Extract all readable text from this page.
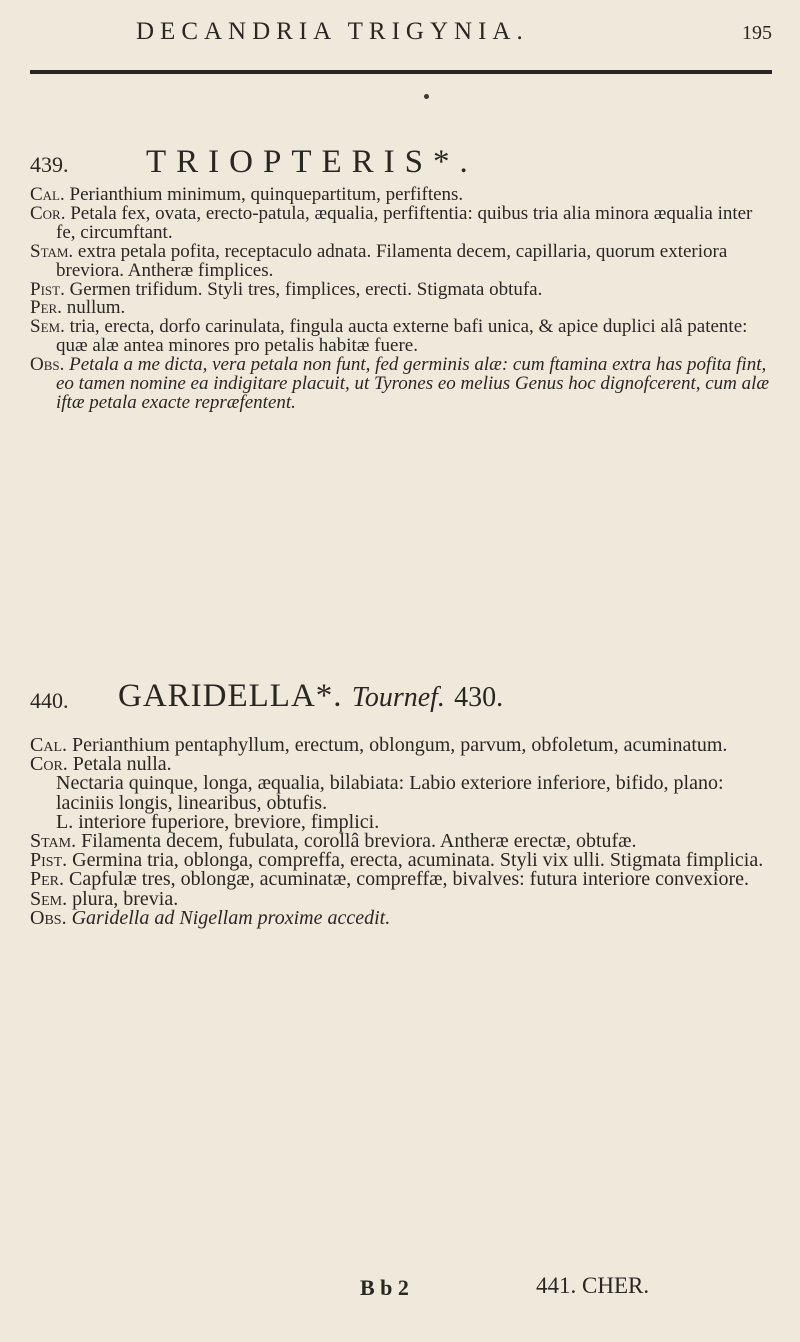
DECANDRIA TRIGYNIA.	195
439. TRIOPTERIS*.

Cal. Perianthium minimum, quinquepartitum, perfiftens.

Cor. Petala fex, ovata, erecto-patula, æqualia, perfiftentia: quibus tria alia minora æqualia inter fe, circumftant.

Stam. extra petala pofita, receptaculo adnata. Filamenta decem, capillaria, quorum exteriora breviora. Antheræ fimplices.

Pist. Germen trifidum. Styli tres, fimplices, erecti. Stigmata obtufa.

Per. nullum.

Sem. tria, erecta, dorfo carinulata, fingula aucta externe bafi unica, & apice duplici alâ patente: quæ alæ antea minores pro petalis habitæ fuere.

Obs. Petala a me dicta, vera petala non funt, fed germinis alæ: cum ftamina extra has pofita fint, eo tamen nomine ea indigitare placuit, ut Tyrones eo melius Genus hoc dignofcerent, cum alæ iftæ petala exacte repræfentent.

440. GARIDELLA*. Tournef. 430.

Cal. Perianthium pentaphyllum, erectum, oblongum, parvum, obfoletum, acuminatum.

Cor. Petala nulla.

Nectaria quinque, longa, æqualia, bilabiata: Labio exteriore inferiore, bifido, plano: laciniis longis, linearibus, obtufis.

L. interiore fuperiore, breviore, fimplici.

Stam. Filamenta decem, fubulata, corollâ breviora. Antheræ erectæ, obtufæ.

Pist. Germina tria, oblonga, compreffa, erecta, acuminata. Styli vix ulli. Stigmata fimplicia.

Per. Capfulæ tres, oblongæ, acuminatæ, compreffæ, bivalves: futura interiore convexiore.

Sem. plura, brevia.

Obs. Garidella ad Nigellam proxime accedit.

B b 2	441. CHER.
